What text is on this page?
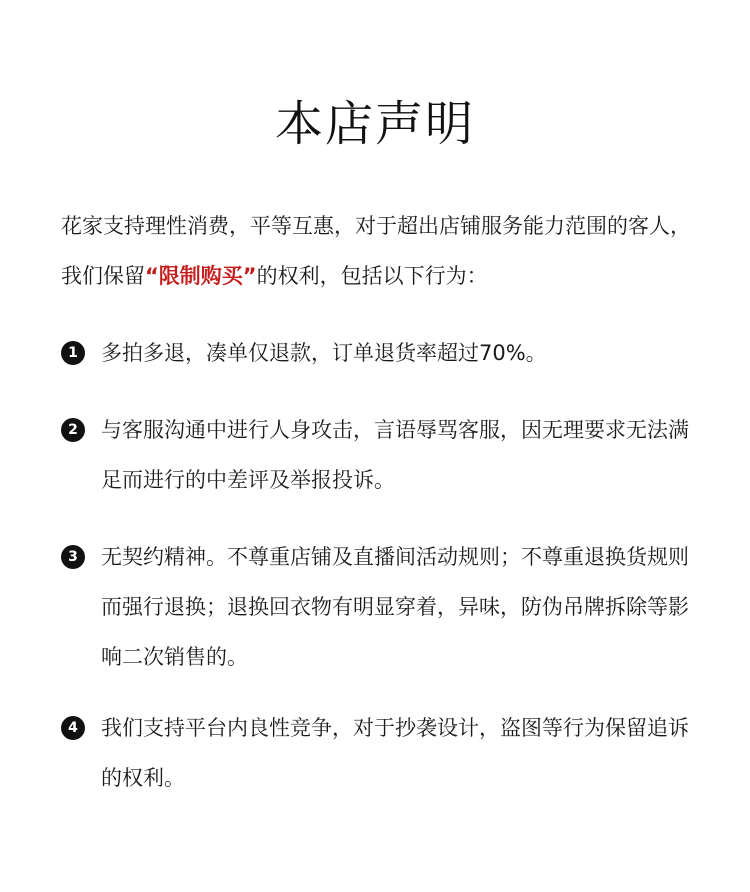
本店声明

花家支持理性消费，平等互惠，对于超出店铺服务能力范围的客人，我们保留“限制购买”的权利，包括以下行为：

1	多拍多退，凑单仅退款，订单退货率超过70%。
2	与客服沟通中进行人身攻击，言语辱骂客服，因无理要求无法满足而进行的中差评及举报投诉。
3	无契约精神。不尊重店铺及直播间活动规则；不尊重退换货规则而强行退换；退换回衣物有明显穿着，异味，防伪吊牌拆除等影响二次销售的。
4	我们支持平台内良性竞争，对于抄袭设计，盗图等行为保留追诉的权利。
